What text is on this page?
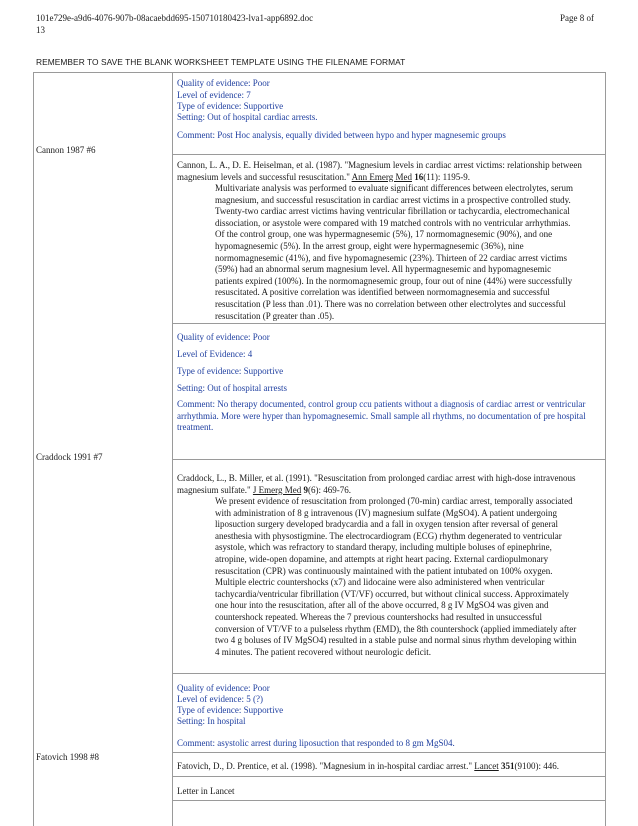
101e729e-a9d6-4076-907b-08acaebdd695-150710180423-lva1-app6892.doc
13
Page 8 of
REMEMBER TO SAVE THE BLANK WORKSHEET TEMPLATE USING THE FILENAME FORMAT
Quality of evidence: Poor
Level of evidence: 7
Type of evidence: Supportive
Setting: Out of hospital cardiac arrests.
Comment: Post Hoc analysis, equally divided between hypo and hyper magnesemic groups
Cannon 1987 #6
Cannon, L. A., D. E. Heiselman, et al. (1987). "Magnesium levels in cardiac arrest victims: relationship between magnesium levels and successful resuscitation." Ann Emerg Med 16(11): 1195-9.
Multivariate analysis was performed to evaluate significant differences between electrolytes, serum
magnesium, and successful resuscitation in cardiac arrest victims in a prospective controlled study.
Twenty-two cardiac arrest victims having ventricular fibrillation or tachycardia, electromechanical
dissociation, or asystole were compared with 19 matched controls with no ventricular arrhythmias.
Of the control group, one was hypermagnesemic (5%), 17 normomagnesemic (90%), and one
hypomagnesemic (5%). In the arrest group, eight were hypermagnesemic (36%), nine
normomagnesemic (41%), and five hypomagnesemic (23%). Thirteen of 22 cardiac arrest victims
(59%) had an abnormal serum magnesium level. All hypermagnesemic and hypomagnesemic
patients expired (100%). In the normomagnesemic group, four out of nine (44%) were successfully
resuscitated. A positive correlation was identified between normomagnesemia and successful
resuscitation (P less than .01). There was no correlation between other electrolytes and successful
resuscitation (P greater than .05).
Quality of evidence: Poor
Level of Evidence: 4
Type of evidence: Supportive
Setting: Out of hospital arrests
Comment: No therapy documented, control group ccu patients without a diagnosis of cardiac arrest or ventricular arrhythmia. More were hyper than hypomagnesemic. Small sample all rhythms, no documentation of pre hospital treatment.
Craddock 1991 #7
Craddock, L., B. Miller, et al. (1991). "Resuscitation from prolonged cardiac arrest with high-dose intravenous magnesium sulfate." J Emerg Med 9(6): 469-76.
We present evidence of resuscitation from prolonged (70-min) cardiac arrest, temporally associated
with administration of 8 g intravenous (IV) magnesium sulfate (MgSO4). A patient undergoing
liposuction surgery developed bradycardia and a fall in oxygen tension after reversal of general
anesthesia with physostigmine. The electrocardiogram (ECG) rhythm degenerated to ventricular
asystole, which was refractory to standard therapy, including multiple boluses of epinephrine,
atropine, wide-open dopamine, and attempts at right heart pacing. External cardiopulmonary
resuscitation (CPR) was continuously maintained with the patient intubated on 100% oxygen.
Multiple electric countershocks (x7) and lidocaine were also administered when ventricular
tachycardia/ventricular fibrillation (VT/VF) occurred, but without clinical success. Approximately
one hour into the resuscitation, after all of the above occurred, 8 g IV MgSO4 was given and
countershock repeated. Whereas the 7 previous countershocks had resulted in unsuccessful
conversion of VT/VF to a pulseless rhythm (EMD), the 8th countershock (applied immediately after
two 4 g boluses of IV MgSO4) resulted in a stable pulse and normal sinus rhythm developing within
4 minutes. The patient recovered without neurologic deficit.
Quality of evidence: Poor
Level of evidence: 5 (?)
Type of evidence: Supportive
Setting: In hospital
Comment: asystolic arrest during liposuction that responded to 8 gm MgS04.
Fatovich 1998 #8
Fatovich, D., D. Prentice, et al. (1998). "Magnesium in in-hospital cardiac arrest." Lancet 351(9100): 446.
Letter in Lancet
